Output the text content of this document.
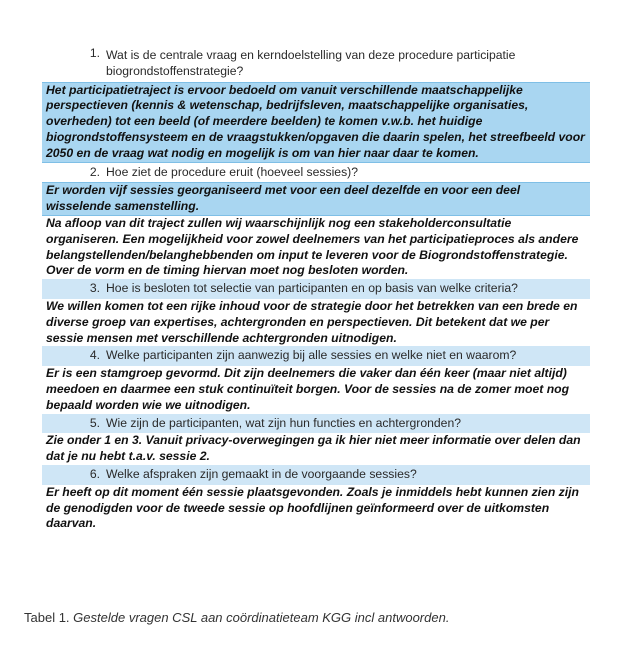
1. Wat is de centrale vraag en kerndoelstelling van deze procedure participatie biogrondstoffenstrategie?
Het participatietraject is ervoor bedoeld om vanuit verschillende maatschappelijke perspectieven (kennis & wetenschap, bedrijfsleven, maatschappelijke organisaties, overheden) tot een beeld (of meerdere beelden) te komen v.w.b. het huidige biogrondstoffensysteem en de vraagstukken/opgaven die daarin spelen, het streefbeeld voor 2050 en de vraag wat nodig en mogelijk is om van hier naar daar te komen.
2. Hoe ziet de procedure eruit (hoeveel sessies)?
Er worden vijf sessies georganiseerd met voor een deel dezelfde en voor een deel wisselende samenstelling.
Na afloop van dit traject zullen wij waarschijnlijk nog een stakeholderconsultatie organiseren. Een mogelijkheid voor zowel deelnemers van het participatieproces als andere belangstellenden/belanghebbenden om input te leveren voor de Biogrondstoffenstrategie. Over de vorm en de timing hiervan moet nog besloten worden.
3. Hoe is besloten tot selectie van participanten en op basis van welke criteria?
We willen komen tot een rijke inhoud voor de strategie door het betrekken van een brede en diverse groep van expertises, achtergronden en perspectieven. Dit betekent dat we per sessie mensen met verschillende achtergronden uitnodigen.
4. Welke participanten zijn aanwezig bij alle sessies en welke niet en waarom?
Er is een stamgroep gevormd. Dit zijn deelnemers die vaker dan één keer (maar niet altijd) meedoen en daarmee een stuk continuïteit borgen. Voor de sessies na de zomer moet nog bepaald worden wie we uitnodigen.
5. Wie zijn de participanten, wat zijn hun functies en achtergronden?
Zie onder 1 en 3. Vanuit privacy-overwegingen ga ik hier niet meer informatie over delen dan dat je nu hebt t.a.v. sessie 2.
6. Welke afspraken zijn gemaakt in de voorgaande sessies?
Er heeft op dit moment één sessie plaatsgevonden. Zoals je inmiddels hebt kunnen zien zijn de genodigden voor de tweede sessie op hoofdlijnen geïnformeerd over de uitkomsten daarvan.
Tabel 1. Gestelde vragen CSL aan coördinatieteam KGG incl antwoorden.
